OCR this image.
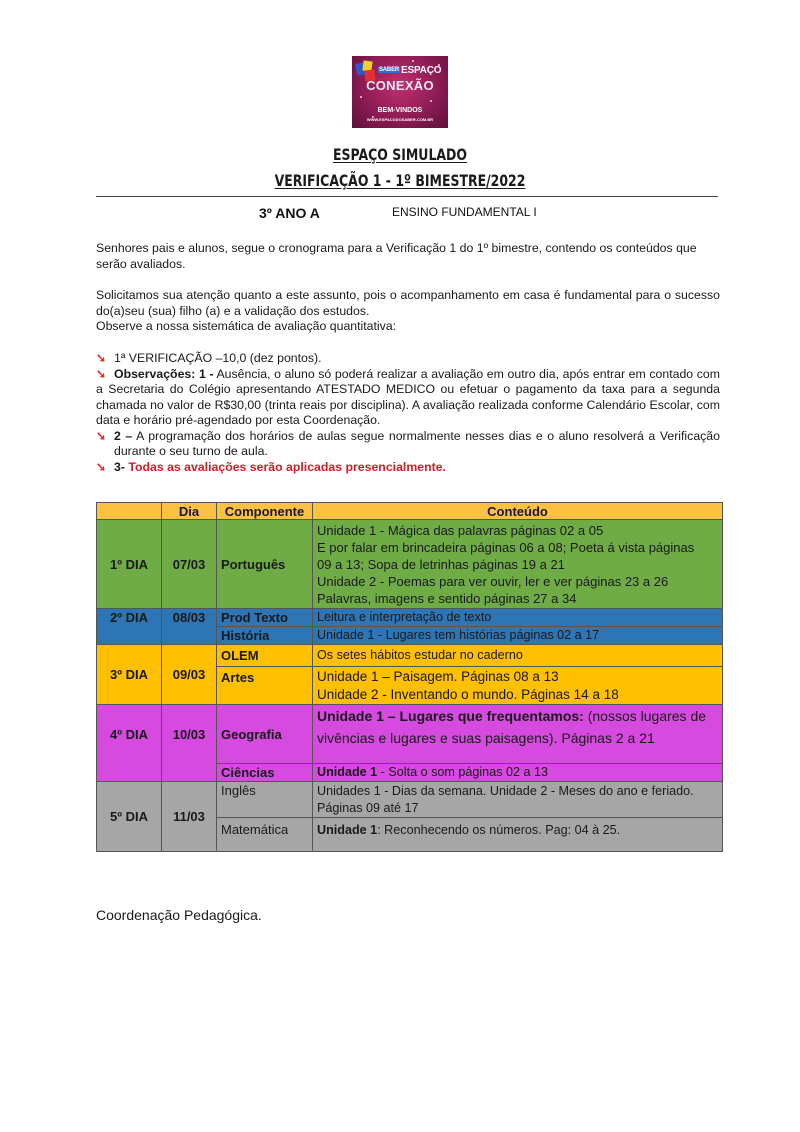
$^{SABER}$ ESPAÇO
CONEXÃO
BEM-VINDOS
WWW.ESPACODOSABER.COM.BR
ESPAÇO SIMULADO
VERIFICAÇÃO 1 - 1º BIMESTRE/2022
3º ANO A	ENSINO FUNDAMENTAL I
Senhores pais e alunos, segue o cronograma para a Verificação 1 do 1º bimestre, contendo os conteúdos que serão avaliados.
Solicitamos sua atenção quanto a este assunto, pois o acompanhamento em casa é fundamental para o sucesso do(a)seu (sua) filho (a) e a validação dos estudos.
Observe a nossa sistemática de avaliação quantitativa:
➘ 1ª VERIFICAÇÃO –10,0 (dez pontos).
➘ Observações: 1 - Ausência, o aluno só poderá realizar a avaliação em outro dia, após entrar em contado com a Secretaria do Colégio apresentando ATESTADO MEDICO ou efetuar o pagamento da taxa para a segunda chamada no valor de R$30,00 (trinta reais por disciplina). A avaliação realizada conforme Calendário Escolar, com data e horário pré-agendado por esta Coordenação.
➘ 2 – A programação dos horários de aulas segue normalmente nesses dias e o aluno resolverá a Verificação durante o seu turno de aula.
➘ 3- Todas as avaliações serão aplicadas presencialmente.
	Dia	Componente	Conteúdo
1º DIA	07/03	Português	Unidade 1 - Mágica das palavras páginas 02 a 05
E por falar em brincadeira páginas 06 a 08; Poeta á vista páginas
09 a 13; Sopa de letrinhas páginas 19 a 21
Unidade 2 - Poemas para ver ouvir, ler e ver páginas 23 a 26
Palavras, imagens e sentido páginas 27 a 34

2º DIA	08/03	Prod Texto	Leitura e interpretação de texto

		História	Unidade 1 - Lugares tem histórias páginas 02 a 17

3º DIA	09/03	OLEM	Os setes hábitos estudar no caderno

		Artes	Unidade 1 – Paisagem. Páginas 08 a 13
Unidade 2 - Inventando o mundo. Páginas 14 a 18

4º DIA	10/03	Geografia	Unidade 1 – Lugares que frequentamos: (nossos lugares de
vivências e lugares e suas paisagens). Páginas 2 a 21

		Ciências	Unidade 1 - Solta o som páginas 02 a 13

5º DIA	11/03	Inglês	Unidades 1 - Dias da semana. Unidade 2 - Meses do ano e feriado.
Páginas 09 até 17

		Matemática	Unidade 1: Reconhecendo os números. Pag: 04 à 25.
Coordenação Pedagógica.
